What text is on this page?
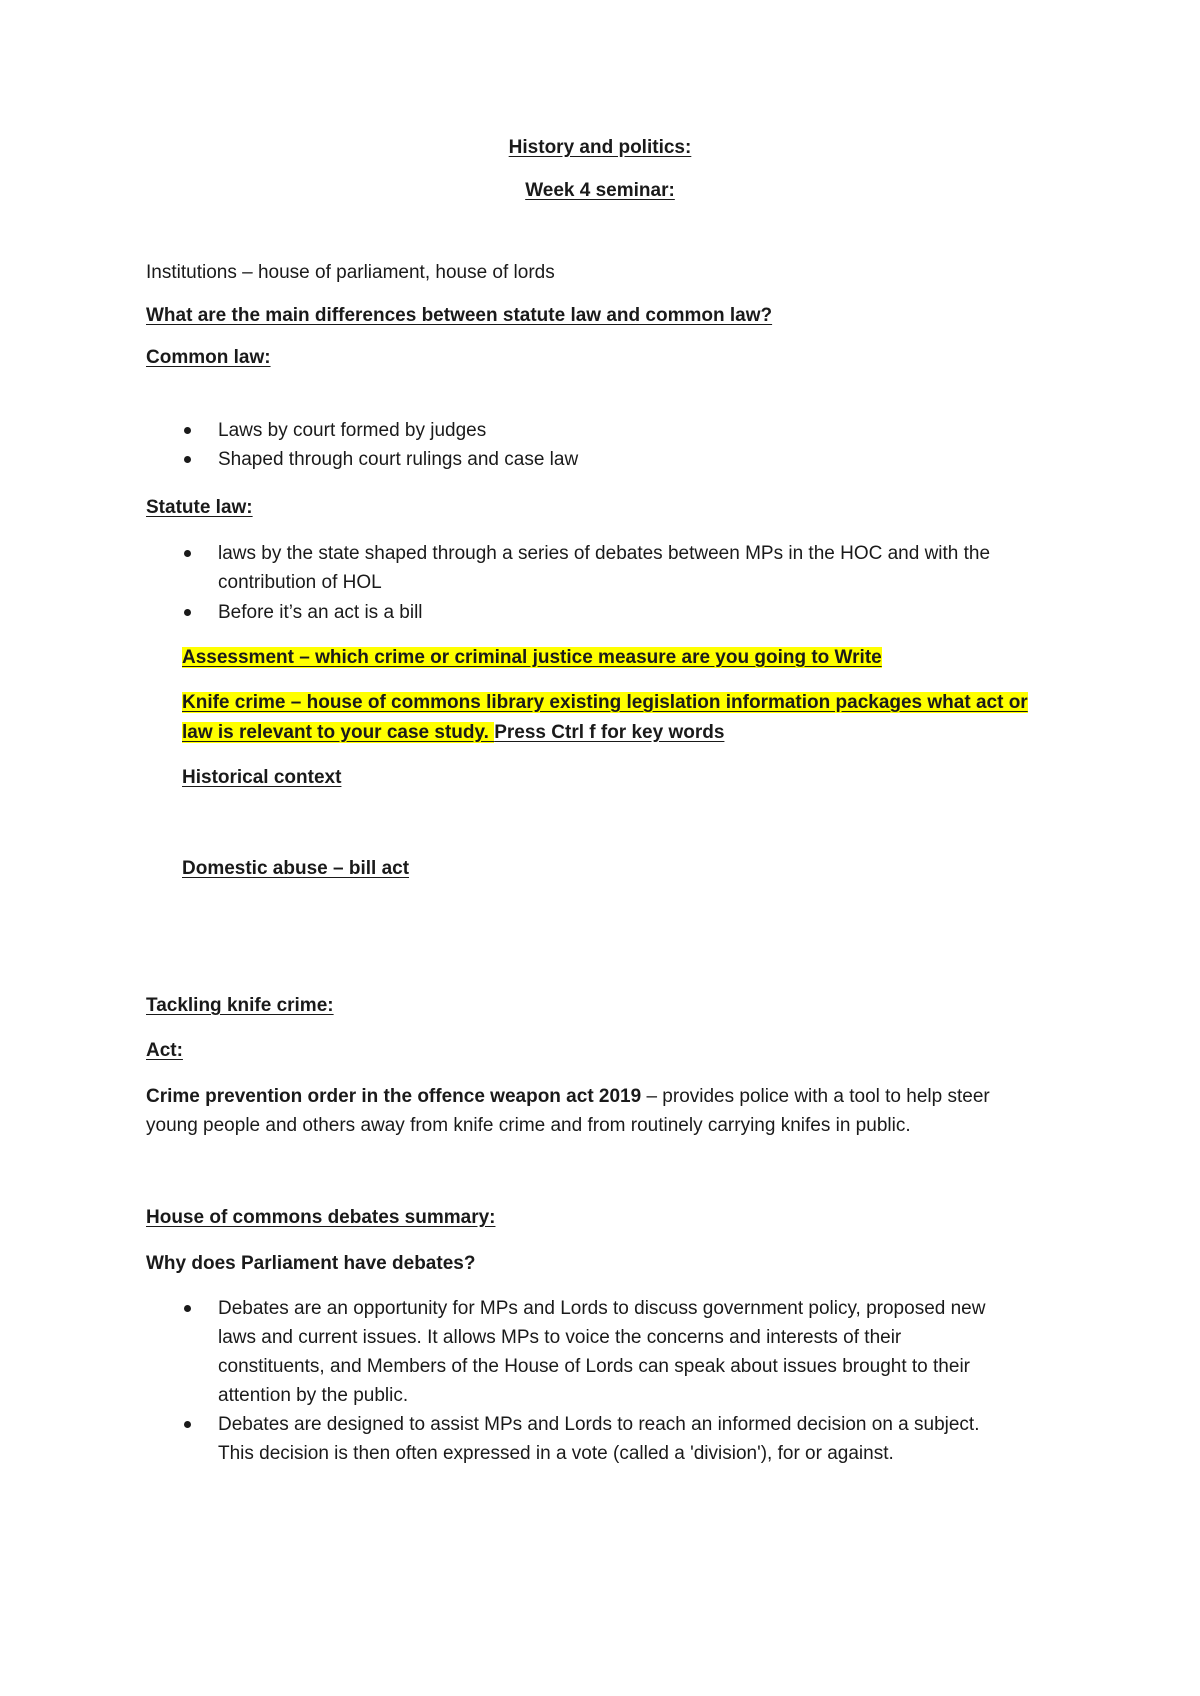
History and politics:
Week 4 seminar:
Institutions – house of parliament, house of lords
What are the main differences between statute law and common law?
Common law:
Laws by court formed by judges
Shaped through court rulings and case law
Statute law:
laws by the state shaped through a series of debates between MPs in the HOC and with the
contribution of HOL
Before it’s an act is a bill
Assessment – which crime or criminal justice measure are you going to Write
Knife crime – house of commons library existing legislation information packages what act or
law is relevant to your case study. Press Ctrl f for key words
Historical context
Domestic abuse – bill act
Tackling knife crime:
Act:
Crime prevention order in the offence weapon act 2019 – provides police with a tool to help steer
young people and others away from knife crime and from routinely carrying knifes in public.
House of commons debates summary:
Why does Parliament have debates?
Debates are an opportunity for MPs and Lords to discuss government policy, proposed new
laws and current issues. It allows MPs to voice the concerns and interests of their
constituents, and Members of the House of Lords can speak about issues brought to their
attention by the public.
Debates are designed to assist MPs and Lords to reach an informed decision on a subject.
This decision is then often expressed in a vote (called a 'division'), for or against.
